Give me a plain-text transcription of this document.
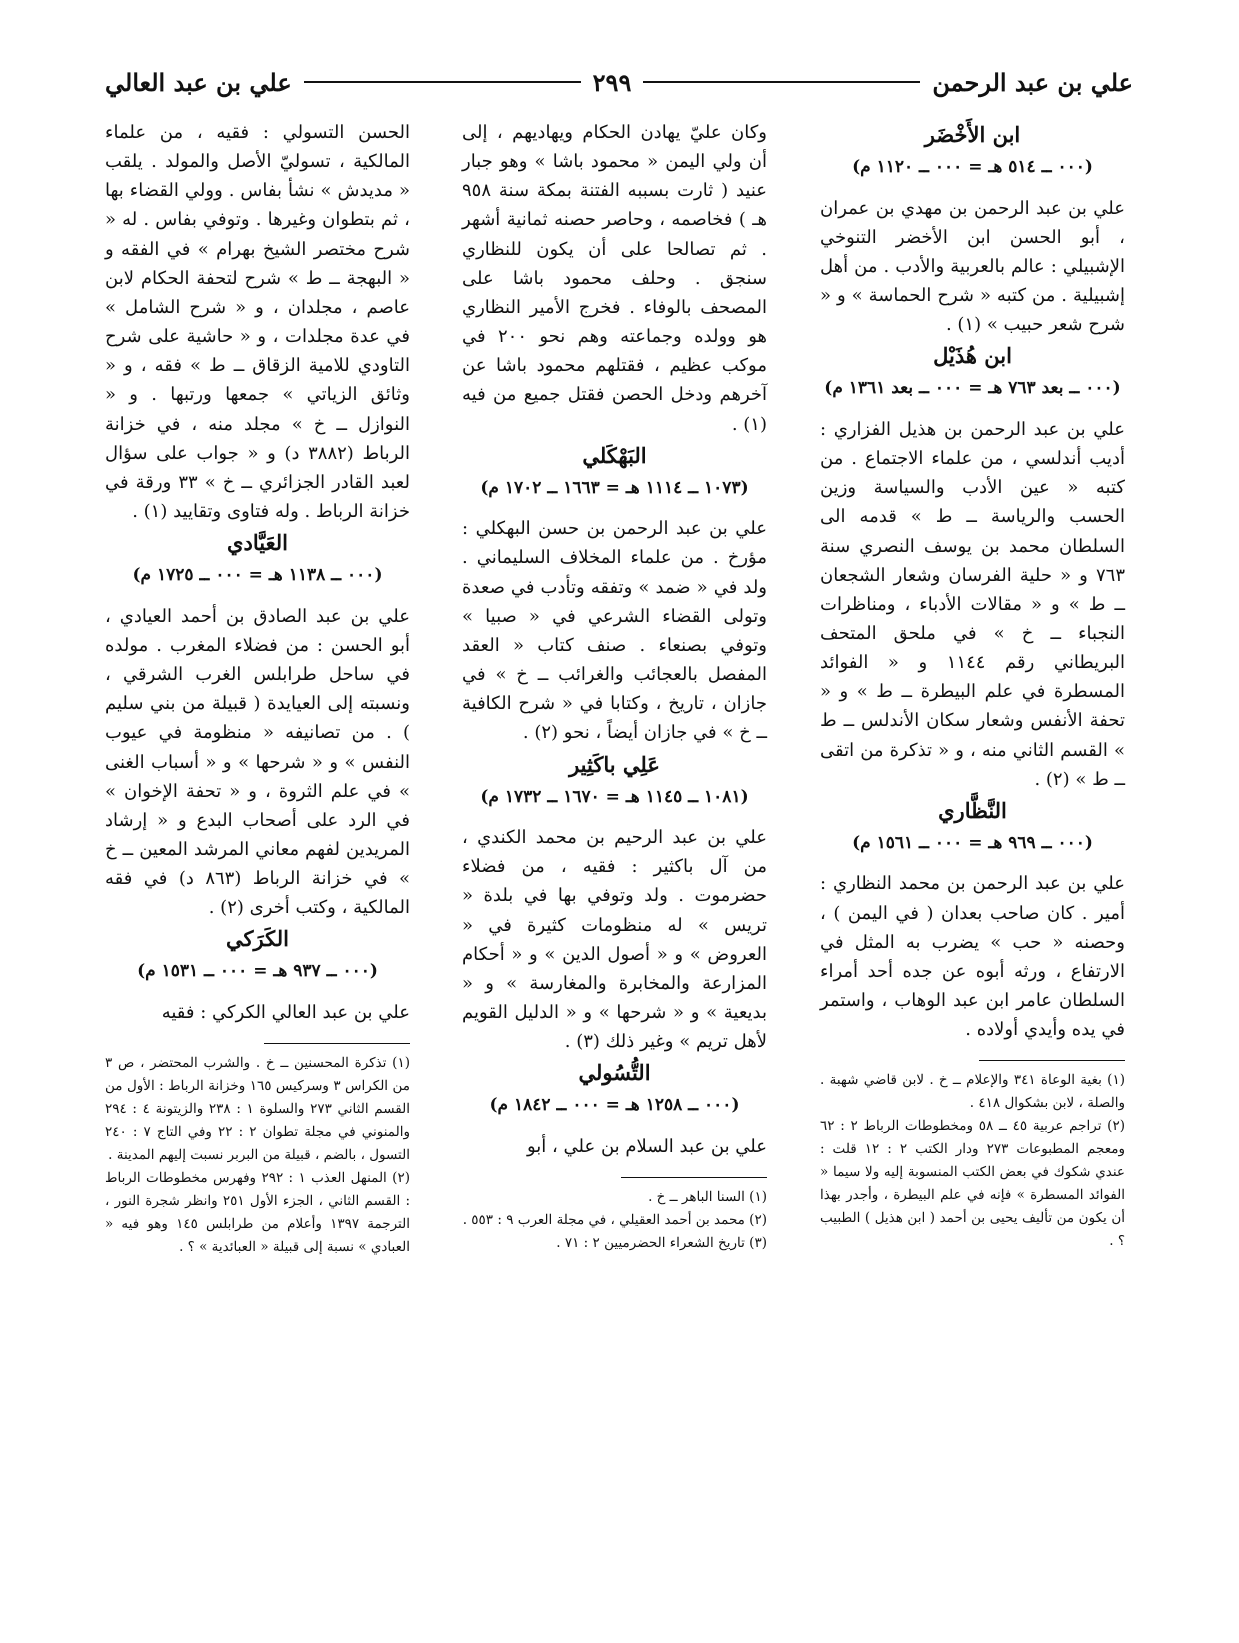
علي بن عبد الرحمن
٢٩٩
علي بن عبد العالي
ابن الأَخْضَر
(٠٠٠ ــ ٥١٤ هـ = ٠٠٠ ــ ١١٢٠ م)

علي بن عبد الرحمن بن مهدي بن عمران ، أبو الحسن ابن الأخضر التنوخي الإشبيلي : عالم بالعربية والأدب . من أهل إشبيلية . من كتبه « شرح الحماسة » و « شرح شعر حبيب » (١) .

ابن هُذَيْل
(٠٠٠ ــ بعد ٧٦٣ هـ = ٠٠٠ ــ بعد ١٣٦١ م)

علي بن عبد الرحمن بن هذيل الفزاري : أديب أندلسي ، من علماء الاجتماع . من كتبه « عين الأدب والسياسة وزين الحسب والرياسة ــ ط » قدمه الى السلطان محمد بن يوسف النصري سنة ٧٦٣ و « حلية الفرسان وشعار الشجعان ــ ط » و « مقالات الأدباء ، ومناظرات النجباء ــ خ » في ملحق المتحف البريطاني رقم ١١٤٤ و « الفوائد المسطرة في علم البيطرة ــ ط » و « تحفة الأنفس وشعار سكان الأندلس ــ ط » القسم الثاني منه ، و « تذكرة من اتقى ــ ط » (٢) .

النَّظَّاري
(٠٠٠ ــ ٩٦٩ هـ = ٠٠٠ ــ ١٥٦١ م)

علي بن عبد الرحمن بن محمد النظاري : أمير . كان صاحب بعدان ( في اليمن ) ، وحصنه « حب » يضرب به المثل في الارتفاع ، ورثه أبوه عن جده أحد أمراء السلطان عامر ابن عبد الوهاب ، واستمر في يده وأيدي أولاده .

(١) بغية الوعاة ٣٤١ والإعلام ــ خ . لابن قاضي شهبة . والصلة ، لابن بشكوال ٤١٨ .

(٢) تراجم عربية ٤٥ ــ ٥٨ ومخطوطات الرباط ٢ : ٦٢ ومعجم المطبوعات ٢٧٣ ودار الكتب ٢ : ١٢ قلت : عندي شكوك في بعض الكتب المنسوبة إليه ولا سيما « الفوائد المسطرة » فإنه في علم البيطرة ، وأجدر بهذا أن يكون من تأليف يحيى بن أحمد ( ابن هذيل ) الطبيب ؟ .

وكان عليّ يهادن الحكام ويهاديهم ، إلى أن ولي اليمن « محمود باشا » وهو جبار عنيد ( ثارت بسببه الفتنة بمكة سنة ٩٥٨ هـ ) فخاصمه ، وحاصر حصنه ثمانية أشهر . ثم تصالحا على أن يكون للنظاري سنجق . وحلف محمود باشا على المصحف بالوفاء . فخرج الأمير النظاري هو وولده وجماعته وهم نحو ٢٠٠ في موكب عظيم ، فقتلهم محمود باشا عن آخرهم ودخل الحصن فقتل جميع من فيه (١) .

البَهْكَلي
(١٠٧٣ ــ ١١١٤ هـ = ١٦٦٣ ــ ١٧٠٢ م)

علي بن عبد الرحمن بن حسن البهكلي : مؤرخ . من علماء المخلاف السليماني . ولد في « ضمد » وتفقه وتأدب في صعدة وتولى القضاء الشرعي في « صبيا » وتوفي بصنعاء . صنف كتاب « العقد المفصل بالعجائب والغرائب ــ خ » في جازان ، تاريخ ، وكتابا في « شرح الكافية ــ خ » في جازان أيضاً ، نحو (٢) .

عَلِي باكَثِير
(١٠٨١ ــ ١١٤٥ هـ = ١٦٧٠ ــ ١٧٣٢ م)

علي بن عبد الرحيم بن محمد الكندي ، من آل باكثير : فقيه ، من فضلاء حضرموت . ولد وتوفي بها في بلدة « تريس » له منظومات كثيرة في « العروض » و « أصول الدين » و « أحكام المزارعة والمخابرة والمغارسة » و « بديعية » و « شرحها » و « الدليل القويم لأهل تريم » وغير ذلك (٣) .

التُّسُولي
(٠٠٠ ــ ١٢٥٨ هـ = ٠٠٠ ــ ١٨٤٢ م)

علي بن عبد السلام بن علي ، أبو

(١) السنا الباهر ــ خ .

(٢) محمد بن أحمد العقيلي ، في مجلة العرب ٩ : ٥٥٣ .

(٣) تاريخ الشعراء الحضرميين ٢ : ٧١ .

الحسن التسولي : فقيه ، من علماء المالكية ، تسوليّ الأصل والمولد . يلقب « مديدش » نشأ بفاس . وولي القضاء بها ، ثم بتطوان وغيرها . وتوفي بفاس . له « شرح مختصر الشيخ بهرام » في الفقه و « البهجة ــ ط » شرح لتحفة الحكام لابن عاصم ، مجلدان ، و « شرح الشامل » في عدة مجلدات ، و « حاشية على شرح التاودي للامية الزقاق ــ ط » فقه ، و « وثائق الزياتي » جمعها ورتبها . و « النوازل ــ خ » مجلد منه ، في خزانة الرباط (٣٨٨٢ د) و « جواب على سؤال لعبد القادر الجزائري ــ خ » ٣٣ ورقة في خزانة الرباط . وله فتاوى وتقاييد (١) .

العَيَّادي
(٠٠٠ ــ ١١٣٨ هـ = ٠٠٠ ــ ١٧٢٥ م)

علي بن عبد الصادق بن أحمد العيادي ، أبو الحسن : من فضلاء المغرب . مولده في ساحل طرابلس الغرب الشرقي ، ونسبته إلى العيايدة ( قبيلة من بني سليم ) . من تصانيفه « منظومة في عيوب النفس » و « شرحها » و « أسباب الغنى » في علم الثروة ، و « تحفة الإخوان » في الرد على أصحاب البدع و « إرشاد المريدين لفهم معاني المرشد المعين ــ خ » في خزانة الرباط (٨٦٣ د) في فقه المالكية ، وكتب أخرى (٢) .

الكَرَكي
(٠٠٠ ــ ٩٣٧ هـ = ٠٠٠ ــ ١٥٣١ م)

علي بن عبد العالي الكركي : فقيه

(١) تذكرة المحسنين ــ خ . والشرب المحتضر ، ص ٣ من الكراس ٣ وسركيس ١٦٥ وخزانة الرباط : الأول من القسم الثاني ٢٧٣ والسلوة ١ : ٢٣٨ والزيتونة ٤ : ٢٩٤ والمنوني في مجلة تطوان ٢ : ٢٢ وفي التاج ٧ : ٢٤٠ التسول ، بالضم ، قبيلة من البربر نسبت إليهم المدينة .

(٢) المنهل العذب ١ : ٢٩٢ وفهرس مخطوطات الرباط : القسم الثاني ، الجزء الأول ٢٥١ وانظر شجرة النور ، الترجمة ١٣٩٧ وأعلام من طرابلس ١٤٥ وهو فيه « العبادي » نسبة إلى قبيلة « العبائدية » ؟ .
